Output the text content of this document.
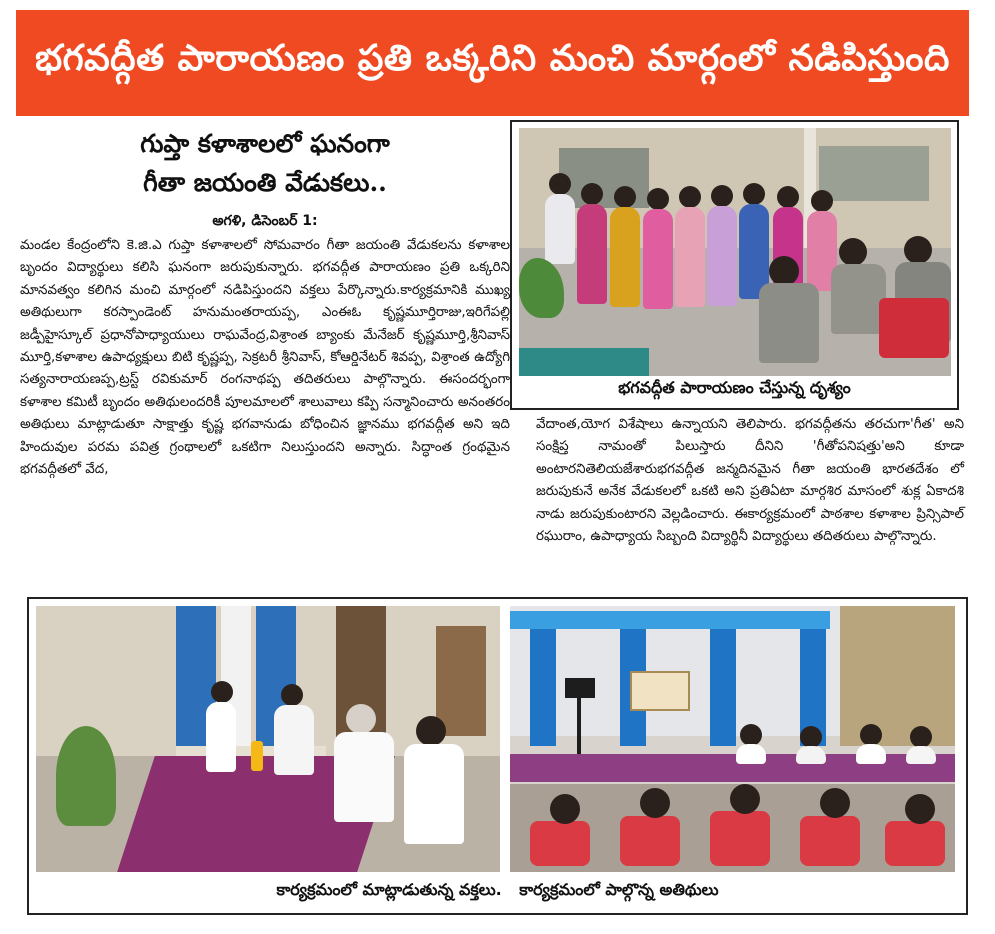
భగవద్గీత పారాయణం ప్రతి ఒక్కరిని మంచి మార్గంలో నడిపిస్తుంది
గుప్తా కళాశాలలో ఘనంగా
గీతా జయంతి వేడుకలు..
అగళి, డిసెంబర్ 1:
మండల కేంద్రంలోని కె.జి.ఎ గుప్తా కళాశాలలో సోమవారం గీతా జయంతి వేడుకలను కళాశాల బృందం విద్యార్థులు కలిసి ఘనంగా జరుపుకున్నారు. భగవద్గీత పారాయణం ప్రతి ఒక్కరిని మానవత్వం కలిగిన మంచి మార్గంలో నడిపిస్తుందని వక్తలు పేర్కొన్నారు.కార్యక్రమానికి ముఖ్య అతిథులుగా కరస్పాండెంట్ హనుమంతరాయప్ప, ఎంఈఓ కృష్ణమూర్తిరాజు,ఇరిగేపల్లి జడ్పీహైస్కూల్ ప్రధానోపాధ్యాయులు రాఘవేంద్ర,విశ్రాంత బ్యాంకు మేనేజర్ కృష్ణమూర్తి,శ్రీనివాస్ మూర్తి,కళాశాల ఉపాధ్యక్షులు బిటి కృష్ణప్ప, సెక్రటరీ శ్రీనివాస్, కోఆర్డినేటర్ శివప్ప, విశ్రాంత ఉద్యోగి సత్యనారాయణప్ప,ట్రస్ట్ రవికుమార్ రంగనాథప్ప తదితరులు పాల్గొన్నారు. ఈసందర్భంగా కళాశాల కమిటీ బృందం అతిథులందరికీ పూలమాలలో శాలువాలు కప్పి సన్మానించారు అనంతరం అతిథులు మాట్లాడుతూ సాక్షాత్తు కృష్ణ భగవానుడు బోధించిన జ్ఞానము భగవద్గీత అని ఇది హిందువుల పరమ పవిత్ర గ్రంథాలలో ఒకటిగా నిలుస్తుందని అన్నారు. సిద్ధాంత గ్రంథమైన భగవద్గీతలో వేద,
భగవద్గీత పారాయణం చేస్తున్న దృశ్యం
వేదాంత,యోగ విశేషాలు ఉన్నాయని తెలిపారు. భగవద్గీతను తరచుగా'గీత' అని సంక్షిప్త నామంతో పిలుస్తారు దీనిని 'గీతోపనిషత్తు'అని కూడా అంటారనితెలియజేశారుభగవద్గీత జన్మదినమైన గీతా జయంతి భారతదేశం లో జరుపుకునే అనేక వేడుకలలో ఒకటి అని ప్రతిఏటా మార్గశిర మాసంలో శుక్ల ఏకాదశి నాడు జరుపుకుంటారని వెల్లడించారు. ఈకార్యక్రమంలో పాఠశాల కళాశాల ప్రిన్సిపాల్ రఘురాం, ఉపాధ్యాయ సిబ్బంది విద్యార్థినీ విద్యార్థులు తదితరులు పాల్గొన్నారు.
కార్యక్రమంలో మాట్లాడుతున్న వక్తలు. కార్యక్రమంలో పాల్గొన్న అతిథులు
